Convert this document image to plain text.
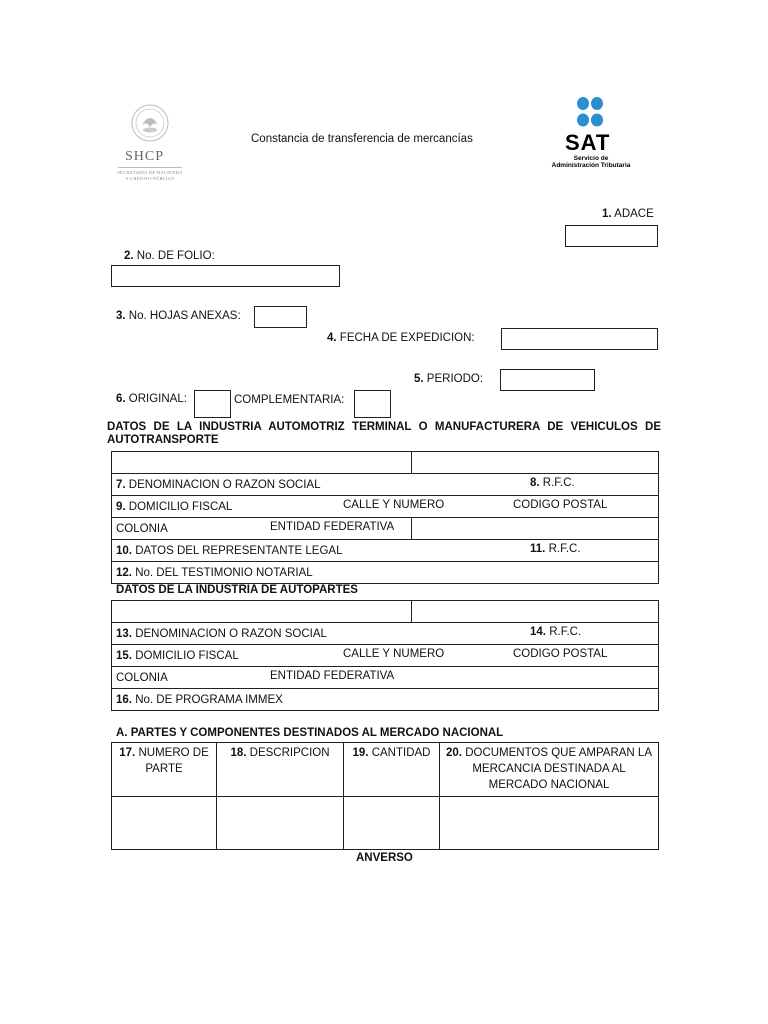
SHCP
SECRETARÍA DE HACIENDA
Y CRÉDITO PÚBLICO
Constancia de transferencia de mercancías	SAT
Servicio de
Administración Tributaria
1. ADACE
2. No. DE FOLIO:
3. No. HOJAS ANEXAS:
4. FECHA DE EXPEDICION:
5. PERIODO:
6. ORIGINAL:	COMPLEMENTARIA:
DATOS DE LA INDUSTRIA AUTOMOTRIZ TERMINAL O MANUFACTURERA DE VEHICULOS DE AUTOTRANSPORTE

7. DENOMINACION O RAZON SOCIAL 8. R.F.C.	

9. DOMICILIO FISCAL CALLE Y NUMERO CODIGO POSTAL	

COLONIA ENTIDAD FEDERATIVA	

10. DATOS DEL REPRESENTANTE LEGAL 11. R.F.C.	

12. No. DEL TESTIMONIO NOTARIAL	
DATOS DE LA INDUSTRIA DE AUTOPARTES

13. DENOMINACION O RAZON SOCIAL	14. R.F.C.

15. DOMICILIO FISCAL	CALLE Y NUMERO	CODIGO POSTAL

COLONIA	ENTIDAD FEDERATIVA

16. No. DE PROGRAMA IMMEX
A. PARTES Y COMPONENTES DESTINADOS AL MERCADO NACIONAL
17. NUMERO DE
PARTE	18. DESCRIPCION	19. CANTIDAD	20. DOCUMENTOS QUE AMPARAN LA
MERCANCIA DESTINADA AL
MERCADO NACIONAL

ANVERSO
